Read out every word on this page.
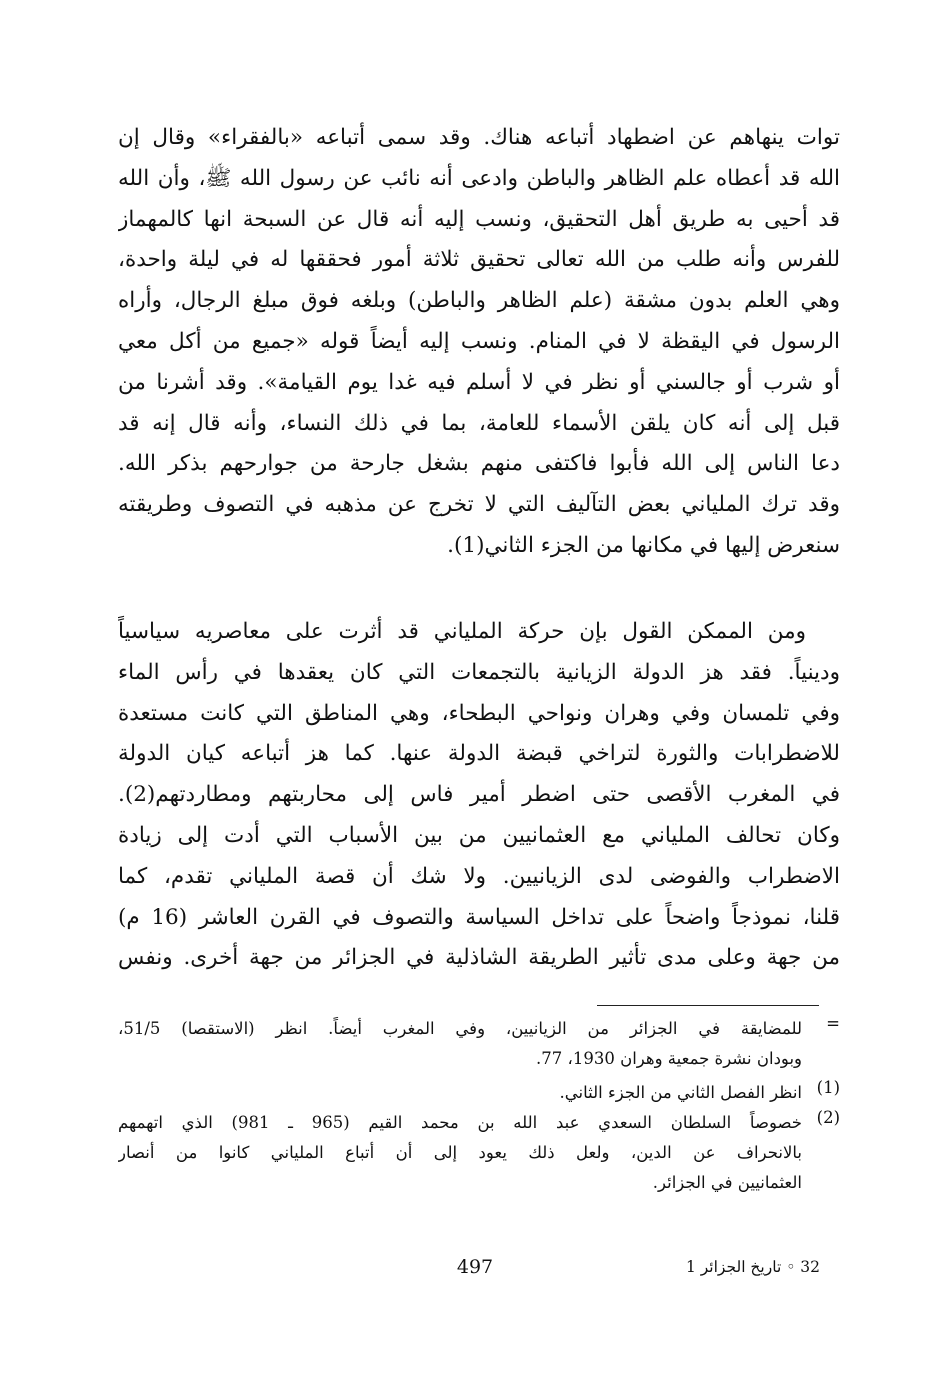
توات ينهاهم عن اضطهاد أتباعه هناك. وقد سمى أتباعه «بالفقراء» وقال إن
الله قد أعطاه علم الظاهر والباطن وادعى أنه نائب عن رسول الله ﷺ، وأن الله
قد أحيى به طريق أهل التحقيق، ونسب إليه أنه قال عن السبحة انها كالمهماز
للفرس وأنه طلب من الله تعالى تحقيق ثلاثة أمور فحققها له في ليلة واحدة،
وهي العلم بدون مشقة (علم الظاهر والباطن) وبلغه فوق مبلغ الرجال، وأراه
الرسول في اليقظة لا في المنام. ونسب إليه أيضاً قوله «جميع من أكل معي
أو شرب أو جالسني أو نظر في لا أسلم فيه غدا يوم القيامة». وقد أشرنا من
قبل إلى أنه كان يلقن الأسماء للعامة، بما في ذلك النساء، وأنه قال إنه قد
دعا الناس إلى الله فأبوا فاكتفى منهم بشغل جارحة من جوارحهم بذكر الله.
وقد ترك الملياني بعض التآليف التي لا تخرج عن مذهبه في التصوف وطريقته
سنعرض إليها في مكانها من الجزء الثاني(1).
ومن الممكن القول بإن حركة الملياني قد أثرت على معاصريه سياسياً
ودينياً. فقد هز الدولة الزيانية بالتجمعات التي كان يعقدها في رأس الماء
وفي تلمسان وفي وهران ونواحي البطحاء، وهي المناطق التي كانت مستعدة
للاضطرابات والثورة لتراخي قبضة الدولة عنها. كما هز أتباعه كيان الدولة
في المغرب الأقصى حتى اضطر أمير فاس إلى محاربتهم ومطاردتهم(2).
وكان تحالف الملياني مع العثمانيين من بين الأسباب التي أدت إلى زيادة
الاضطراب والفوضى لدى الزيانيين. ولا شك أن قصة الملياني تقدم، كما
قلنا، نموذجاً واضحاً على تداخل السياسة والتصوف في القرن العاشر (16 م)
من جهة وعلى مدى تأثير الطريقة الشاذلية في الجزائر من جهة أخرى. ونفس
=
للمضايقة في الجزائر من الزيانيين، وفي المغرب أيضاً. انظر (الاستقصا) 51/5،
وبودان نشرة جمعية وهران 1930، 77.
(1)
انظر الفصل الثاني من الجزء الثاني.
(2)
خصوصاً السلطان السعدي عبد الله بن محمد القيم (965 ـ 981) الذي اتهمهم
بالانحراف عن الدين، ولعل ذلك يعود إلى أن أتباع الملياني كانوا من أنصار
العثمانيين في الجزائر.
497	32 ◦ تاريخ الجزائر 1
